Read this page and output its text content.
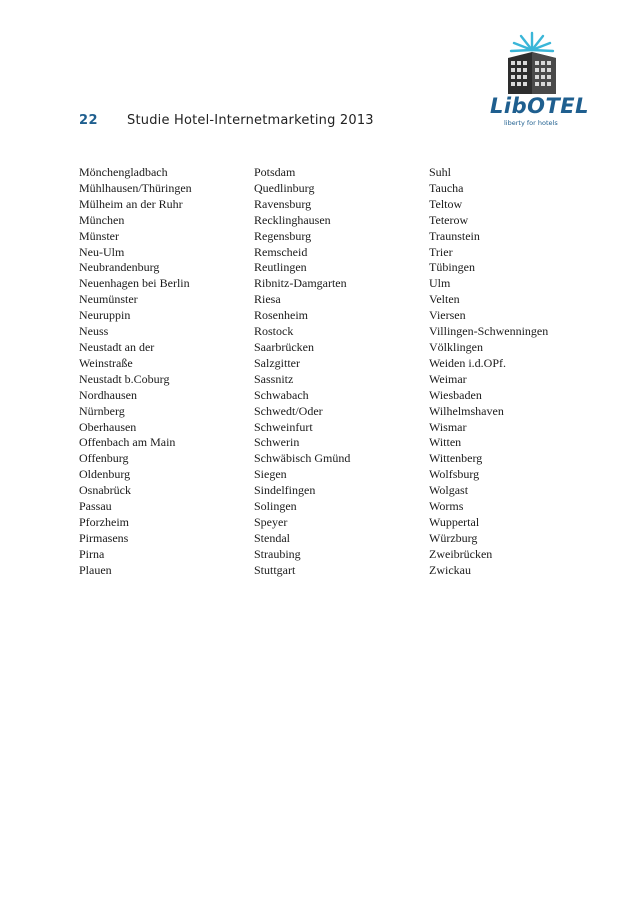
LibOTEL
liberty for hotels
22 Studie Hotel-Internetmarketing 2013
Mönchengladbach
Mühlhausen/Thüringen
Mülheim an der Ruhr
München
Münster
Neu-Ulm
Neubrandenburg
Neuenhagen bei Berlin
Neumünster
Neuruppin
Neuss
Neustadt an der
Weinstraße
Neustadt b.Coburg
Nordhausen
Nürnberg
Oberhausen
Offenbach am Main
Offenburg
Oldenburg
Osnabrück
Passau
Pforzheim
Pirmasens
Pirna
Plauen
Potsdam
Quedlinburg
Ravensburg
Recklinghausen
Regensburg
Remscheid
Reutlingen
Ribnitz-Damgarten
Riesa
Rosenheim
Rostock
Saarbrücken
Salzgitter
Sassnitz
Schwabach
Schwedt/Oder
Schweinfurt
Schwerin
Schwäbisch Gmünd
Siegen
Sindelfingen
Solingen
Speyer
Stendal
Straubing
Stuttgart
Suhl
Taucha
Teltow
Teterow
Traunstein
Trier
Tübingen
Ulm
Velten
Viersen
Villingen-Schwenningen
Völklingen
Weiden i.d.OPf.
Weimar
Wiesbaden
Wilhelmshaven
Wismar
Witten
Wittenberg
Wolfsburg
Wolgast
Worms
Wuppertal
Würzburg
Zweibrücken
Zwickau
